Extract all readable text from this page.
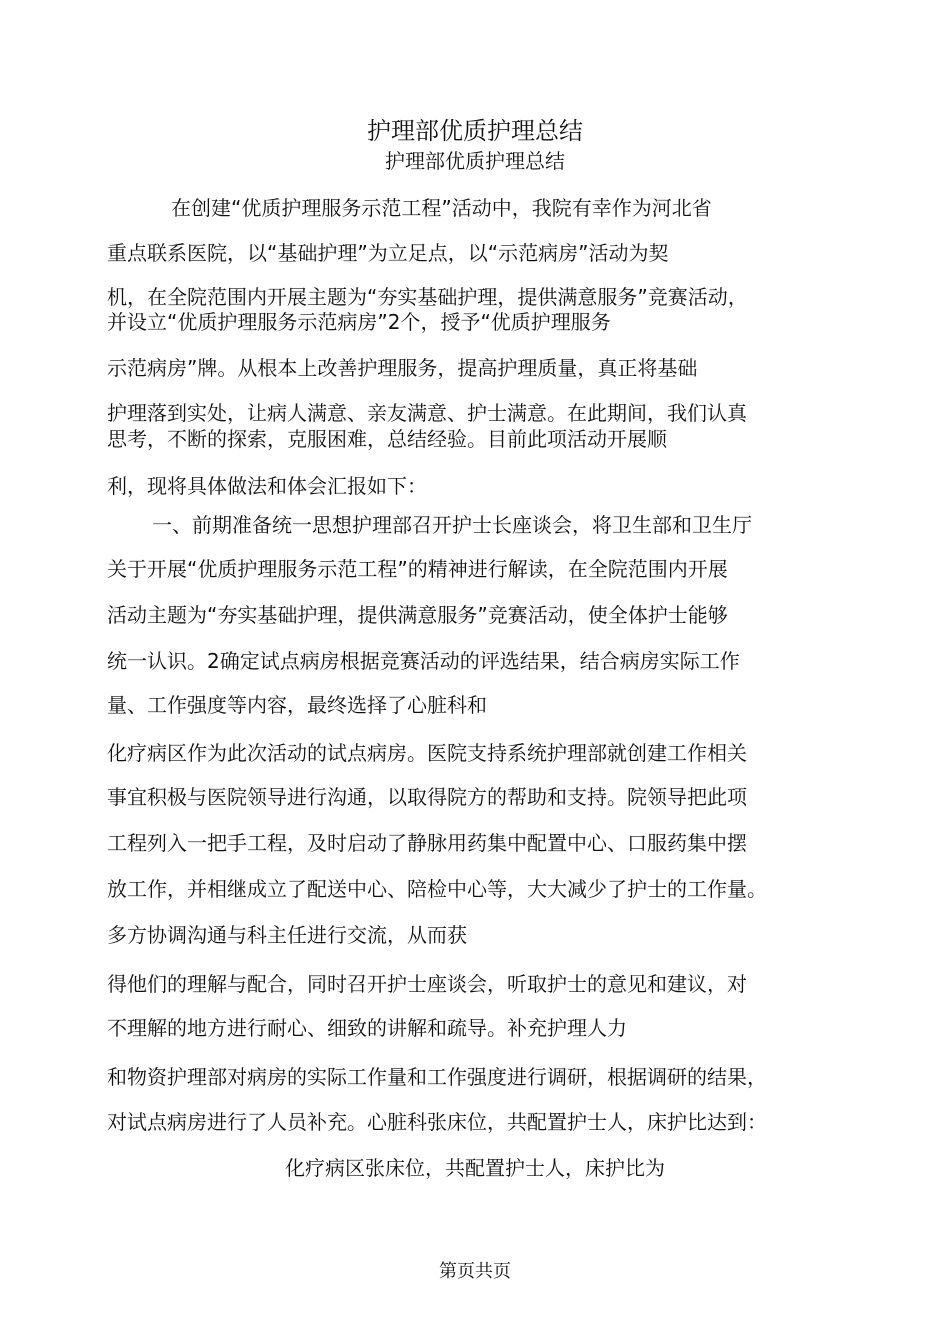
护理部优质护理总结
护理部优质护理总结
在创建“优质护理服务示范工程”活动中，我院有幸作为河北省
重点联系医院，以“基础护理”为立足点，以“示范病房”活动为契
机，在全院范围内开展主题为“夯实基础护理，提供满意服务”竞赛活动，
并设立“优质护理服务示范病房”2个，授予“优质护理服务
示范病房”牌。从根本上改善护理服务，提高护理质量，真正将基础
护理落到实处，让病人满意、亲友满意、护士满意。在此期间，我们认真
思考，不断的探索，克服困难，总结经验。目前此项活动开展顺
利，现将具体做法和体会汇报如下：
一、前期准备统一思想护理部召开护士长座谈会，将卫生部和卫生厅
关于开展“优质护理服务示范工程”的精神进行解读，在全院范围内开展
活动主题为“夯实基础护理，提供满意服务”竞赛活动，使全体护士能够
统一认识。2确定试点病房根据竞赛活动的评选结果，结合病房实际工作
量、工作强度等内容，最终选择了心脏科和
化疗病区作为此次活动的试点病房。医院支持系统护理部就创建工作相关
事宜积极与医院领导进行沟通，以取得院方的帮助和支持。院领导把此项
工程列入一把手工程，及时启动了静脉用药集中配置中心、口服药集中摆
放工作，并相继成立了配送中心、陪检中心等，大大减少了护士的工作量。
多方协调沟通与科主任进行交流，从而获
得他们的理解与配合，同时召开护士座谈会，听取护士的意见和建议，对
不理解的地方进行耐心、细致的讲解和疏导。补充护理人力
和物资护理部对病房的实际工作量和工作强度进行调研，根据调研的结果，
对试点病房进行了人员补充。心脏科张床位，共配置护士人，床护比达到：
化疗病区张床位，共配置护士人，床护比为
第页共页
